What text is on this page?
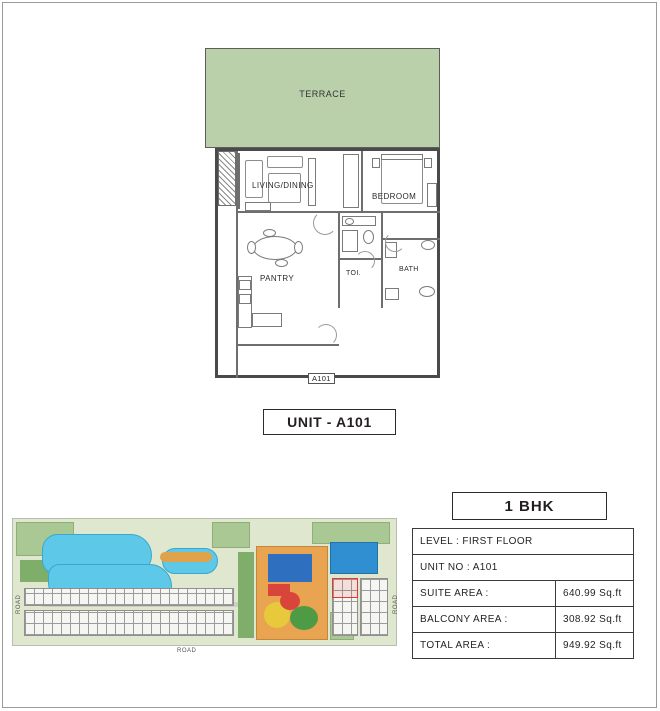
TERRACE
LIVING/DINING
BEDROOM
PANTRY
TOI.
BATH
A101
UNIT - A101
1 BHK
LEVEL : FIRST FLOOR	
UNIT NO : A101	
SUITE AREA :	640.99 Sq.ft
BALCONY AREA :	308.92 Sq.ft
TOTAL AREA :	949.92 Sq.ft
ROAD	ROAD
ROAD
